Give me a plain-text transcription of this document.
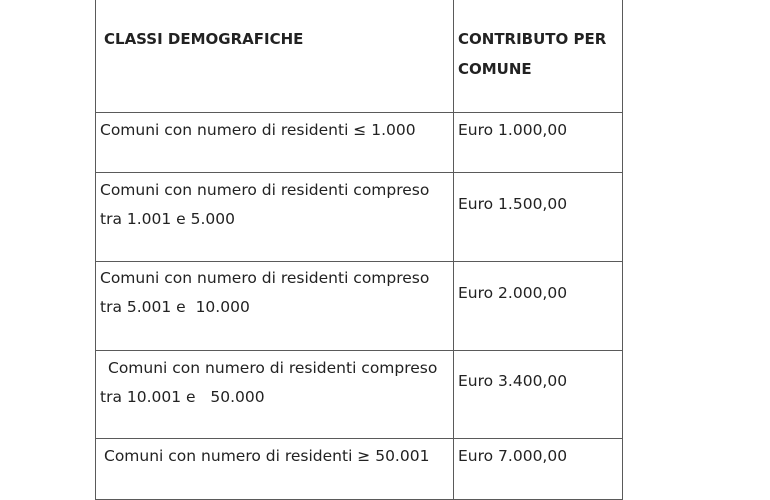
CLASSI DEMOGRAFICHE	CONTRIBUTO PER
COMUNE
Comuni con numero di residenti ≤ 1.000	Euro 1.000,00
Comuni con numero di residenti compreso
tra 1.001 e 5.000	Euro 1.500,00
Comuni con numero di residenti compreso
tra 5.001 e  10.000	Euro 2.000,00
Comuni con numero di residenti compreso
tra 10.001 e   50.000	Euro 3.400,00
Comuni con numero di residenti ≥ 50.001	Euro 7.000,00
